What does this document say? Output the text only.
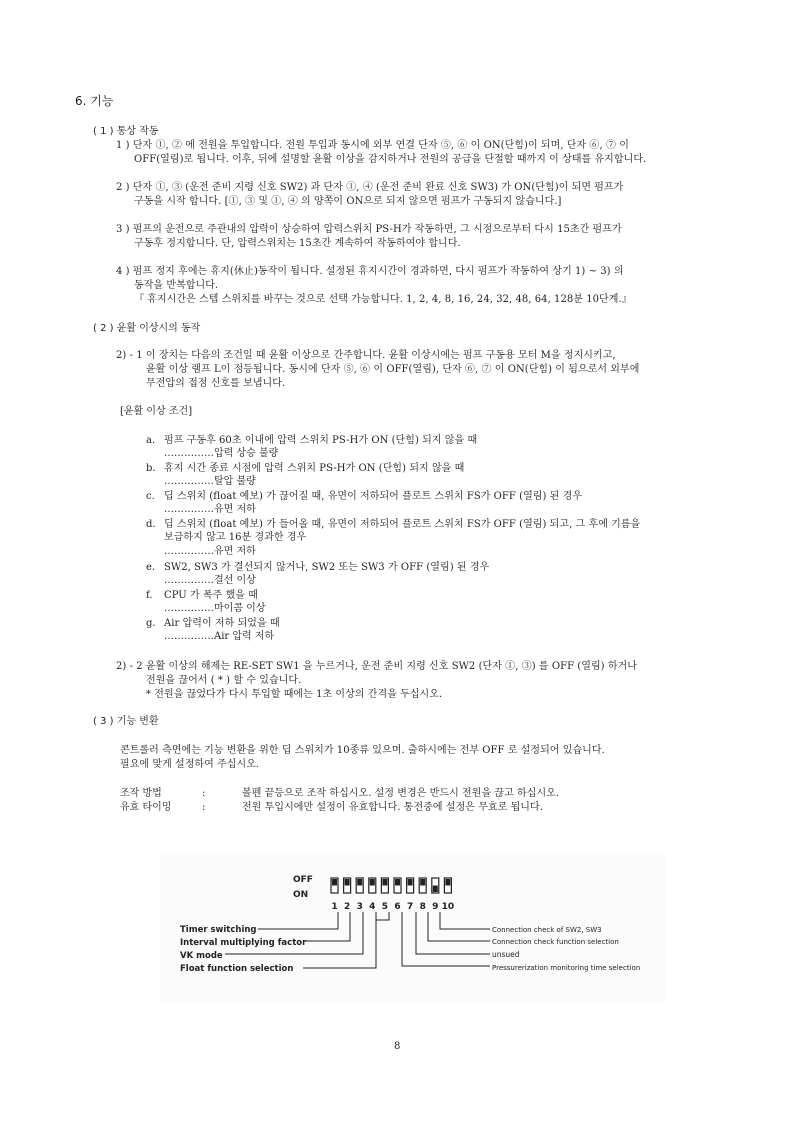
6. 기능
( 1 ) 통상 작동
1 ) 단자 ①, ② 에 전원을 투입합니다. 전원 투입과 동시에 외부 연결 단자 ⑤, ⑥ 이 ON(단힘)이 되며, 단자 ⑥, ⑦ 이
OFF(열림)로 됩니다. 이후, 뒤에 설명할 윤활 이상을 감지하거나 전원의 공급을 단절할 때까지 이 상태를 유지합니다.
2 ) 단자 ①, ③ (운전 준비 지령 신호 SW2) 과 단자 ①, ④ (운전 준비 완료 신호 SW3) 가 ON(단힘)이 되면 펌프가
구동을 시작 합니다. [①, ③ 및 ①, ④ 의 양쪽이 ON으로 되지 않으면 펌프가 구동되지 않습니다.]
3 ) 펌프의 운전으로 주관내의 압력이 상승하여 압력스위치 PS-H가 작동하면, 그 시점으로부터 다시 15초간 펌프가
구동후 정지합니다. 단, 압력스위치는 15초간 계속하여 작동하여야 합니다.
4 ) 펌프 정지 후에는 휴지(休止)동작이 됩니다. 설정된 휴지시간이 경과하면, 다시 펌프가 작동하여 상기 1) ~ 3) 의
동작을 반복합니다.
『 휴지시간은 스텝 스위치를 바꾸는 것으로 선택 가능합니다. 1, 2, 4, 8, 16, 24, 32, 48, 64, 128분 10단계.』
( 2 ) 윤활 이상시의 동작
2) - 1 이 장치는 다음의 조건일 때 윤활 이상으로 간주합니다. 윤활 이상시에는 펌프 구동용 모터 M을 정지시키고,
윤활 이상 램프 L이 점등됩니다. 동시에 단자 ⑤, ⑥ 이 OFF(열림), 단자 ⑥, ⑦ 이 ON(단힘) 이 됨으로서 외부에
무전압의 접점 신호를 보냅니다.
[윤활 이상 조건]
a. 펌프 구동후 60초 이내에 압력 스위치 PS-H가 ON (단힘) 되지 않을 때
……………압력 상승 불량
b. 휴지 시간 종료 시점에 압력 스위치 PS-H가 ON (단힘) 되지 않을 때
……………탈압 불량
c. 딥 스위치 (float 예보) 가 끊어질 때, 유면이 저하되어 플로트 스위치 FS가 OFF (열림) 된 경우
……………유면 저하
d. 딥 스위치 (float 예보) 가 들어올 때, 유면이 저하되어 플로트 스위치 FS가 OFF (열림) 되고, 그 후에 기름을
보급하지 않고 16분 경과한 경우
……………유면 저하
e. SW2, SW3 가 결선되지 않거나, SW2 또는 SW3 가 OFF (열림) 된 경우
……………결선 이상
f. CPU 가 폭주 했을 때
……………마이콤 이상
g. Air 압력이 저하 되었을 때
……………Air 압력 저하
2) - 2 윤활 이상의 해제는 RE-SET SW1 을 누르거나, 운전 준비 지령 신호 SW2 (단자 ①, ③) 를 OFF (열림) 하거나
전원을 끊어서 ( * ) 할 수 있습니다.
* 전원을 끊었다가 다시 투입할 때에는 1초 이상의 간격을 두십시오.
( 3 ) 기능 변환
콘트롤러 측면에는 기능 변환을 위한 딥 스위치가 10종류 있으며. 출하시에는 전부 OFF 로 설정되어 있습니다.
필요에 맞게 설정하여 주십시오.
조작 방법	:	볼펜 끝등으로 조작 하십시오. 설정 변경은 반드시 전원을 끊고 하십시오.
유효 타이밍	:	전원 투입시에만 설정이 유효합니다. 통전중에 설정은 무효로 됩니다.
OFF
ON
1 2 3 4 5 6 7 8 9 10
Timer switching
Interval multiplying factor
VK mode
Float function selection
Connection check of SW2, SW3
Connection check function selection
unsued
Pressurerization monitoring time selection
8
